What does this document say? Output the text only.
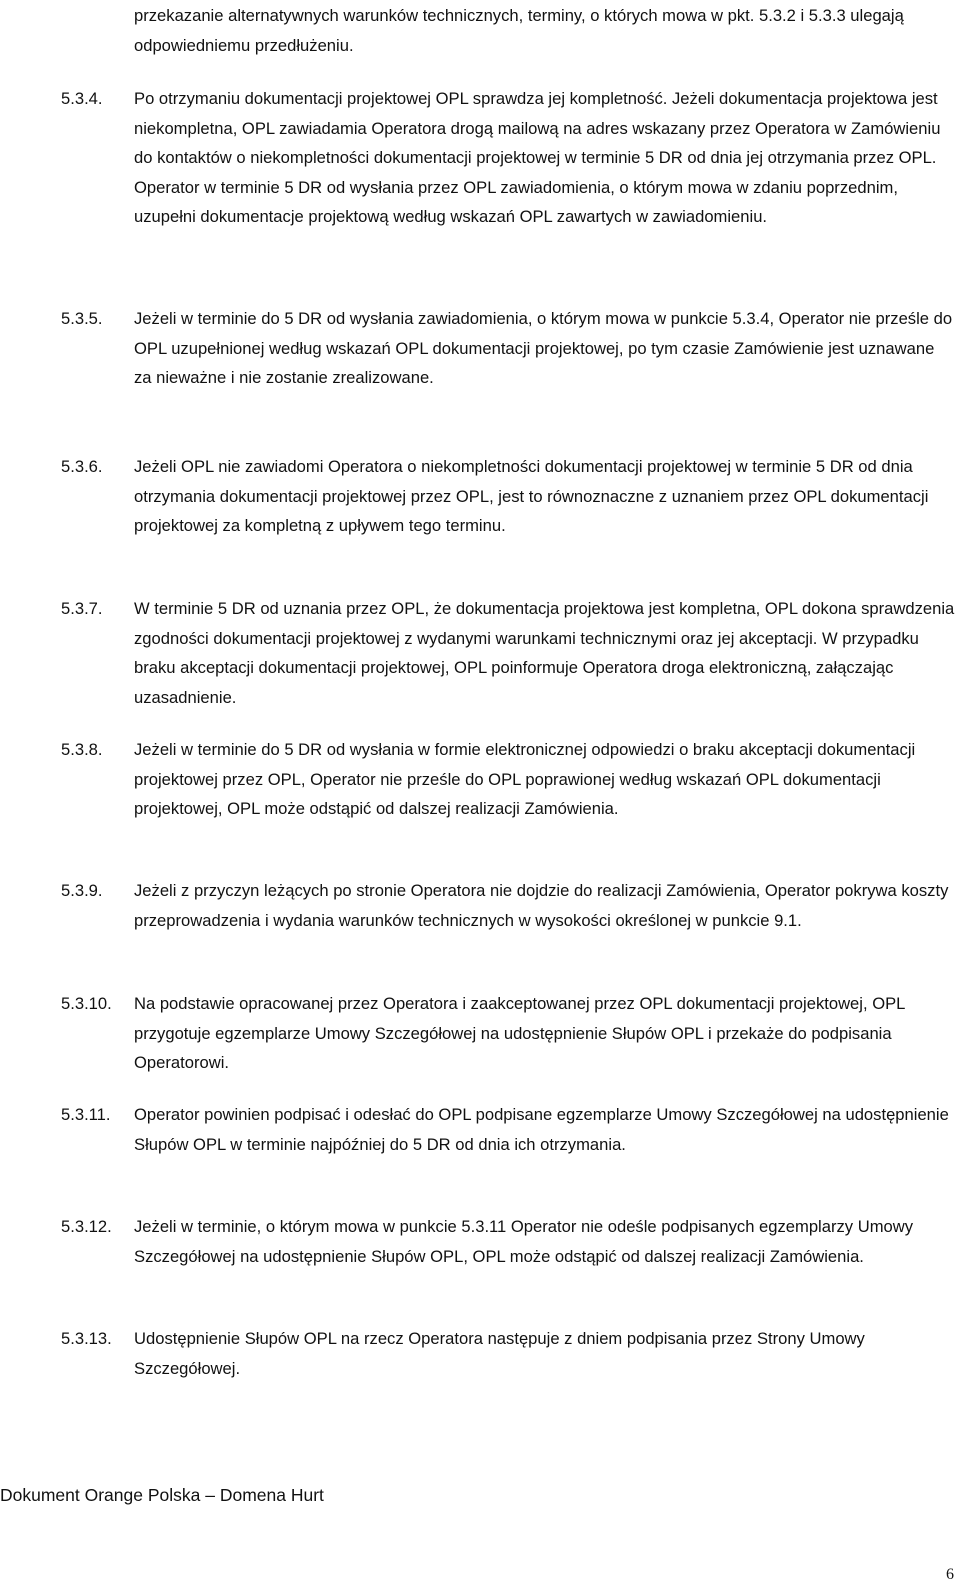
przekazanie alternatywnych warunków technicznych, terminy, o których mowa w pkt. 5.3.2 i 5.3.3 ulegają odpowiedniemu przedłużeniu.
5.3.4. Po otrzymaniu dokumentacji projektowej OPL sprawdza jej kompletność. Jeżeli dokumentacja projektowa jest niekompletna, OPL zawiadamia Operatora drogą mailową na adres wskazany przez Operatora w Zamówieniu do kontaktów o niekompletności dokumentacji projektowej w terminie 5 DR od dnia jej otrzymania przez OPL. Operator w terminie 5 DR od wysłania przez OPL zawiadomienia, o którym mowa w zdaniu poprzednim, uzupełni dokumentacje projektową według wskazań OPL zawartych w zawiadomieniu.
5.3.5. Jeżeli w terminie do 5 DR od wysłania zawiadomienia, o którym mowa w punkcie 5.3.4, Operator nie prześle do OPL uzupełnionej według wskazań OPL dokumentacji projektowej, po tym czasie Zamówienie jest uznawane za nieważne i nie zostanie zrealizowane.
5.3.6. Jeżeli OPL nie zawiadomi Operatora o niekompletności dokumentacji projektowej w terminie 5 DR od dnia otrzymania dokumentacji projektowej przez OPL, jest to równoznaczne z uznaniem przez OPL dokumentacji projektowej za kompletną z upływem tego terminu.
5.3.7. W terminie 5 DR od uznania przez OPL, że dokumentacja projektowa jest kompletna, OPL dokona sprawdzenia zgodności dokumentacji projektowej z wydanymi warunkami technicznymi oraz jej akceptacji. W przypadku braku akceptacji dokumentacji projektowej, OPL poinformuje Operatora droga elektroniczną, załączając uzasadnienie.
5.3.8. Jeżeli w terminie do 5 DR od wysłania w formie elektronicznej odpowiedzi o braku akceptacji dokumentacji projektowej przez OPL, Operator nie prześle do OPL poprawionej według wskazań OPL dokumentacji projektowej, OPL może odstąpić od dalszej realizacji Zamówienia.
5.3.9. Jeżeli z przyczyn leżących po stronie Operatora nie dojdzie do realizacji Zamówienia, Operator pokrywa koszty przeprowadzenia i wydania warunków technicznych w wysokości określonej w punkcie 9.1.
5.3.10. Na podstawie opracowanej przez Operatora i zaakceptowanej przez OPL dokumentacji projektowej, OPL przygotuje egzemplarze Umowy Szczegółowej na udostępnienie Słupów OPL i przekaże do podpisania Operatorowi.
5.3.11. Operator powinien podpisać i odesłać do OPL podpisane egzemplarze Umowy Szczegółowej na udostępnienie Słupów OPL w terminie najpóźniej do 5 DR od dnia ich otrzymania.
5.3.12. Jeżeli w terminie, o którym mowa w punkcie 5.3.11 Operator nie odeśle podpisanych egzemplarzy Umowy Szczegółowej na udostępnienie Słupów OPL, OPL może odstąpić od dalszej realizacji Zamówienia.
5.3.13. Udostępnienie Słupów OPL na rzecz Operatora następuje z dniem podpisania przez Strony Umowy Szczegółowej.
Dokument Orange Polska – Domena Hurt
6
